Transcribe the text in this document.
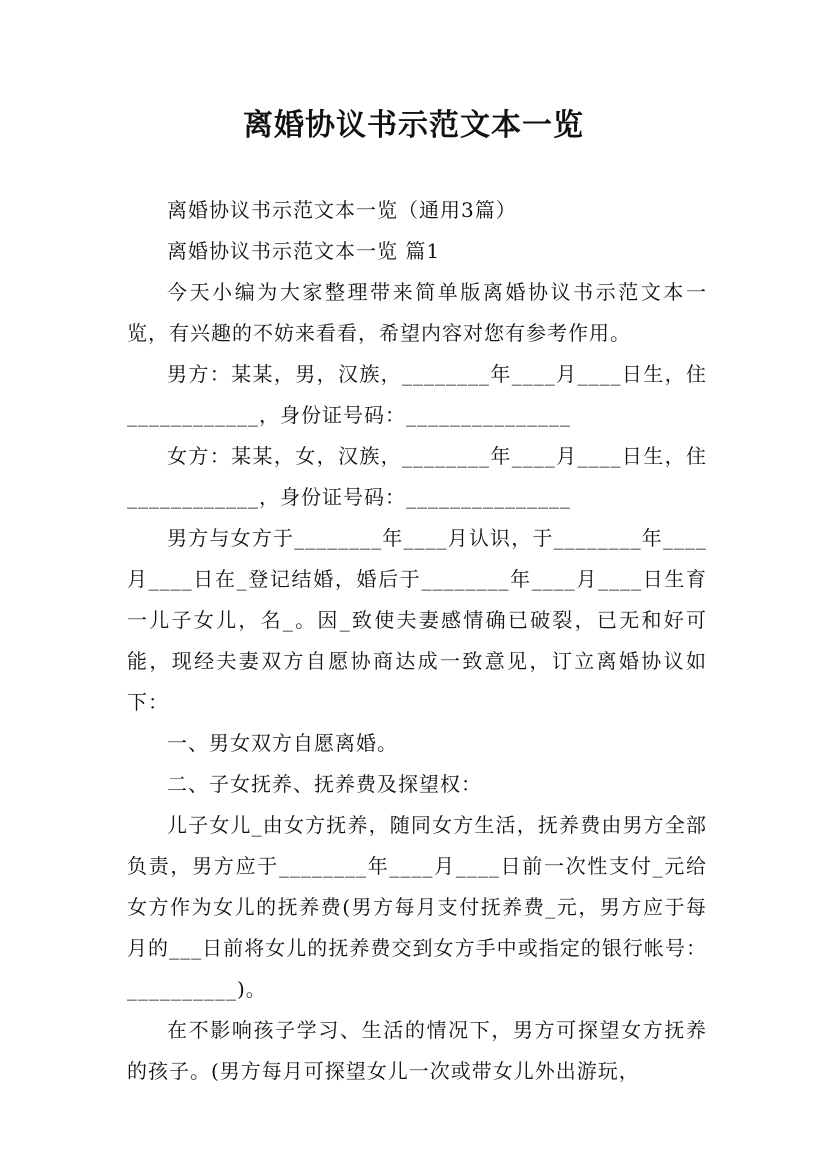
离婚协议书示范文本一览

离婚协议书示范文本一览（通用3篇）

离婚协议书示范文本一览 篇1

今天小编为大家整理带来简单版离婚协议书示范文本一览，有兴趣的不妨来看看，希望内容对您有参考作用。

男方：某某，男，汉族，________年____月____日生，住____________，身份证号码：_______________

女方：某某，女，汉族，________年____月____日生，住____________，身份证号码：_______________

男方与女方于________年____月认识，于________年____月____日在_登记结婚，婚后于________年____月____日生育一儿子女儿，名_。因_致使夫妻感情确已破裂，已无和好可能，现经夫妻双方自愿协商达成一致意见，订立离婚协议如下：

一、男女双方自愿离婚。

二、子女抚养、抚养费及探望权：

儿子女儿_由女方抚养，随同女方生活，抚养费由男方全部负责，男方应于________年____月____日前一次性支付_元给女方作为女儿的抚养费(男方每月支付抚养费_元，男方应于每月的___日前将女儿的抚养费交到女方手中或指定的银行帐号：__________)。

在不影响孩子学习、生活的情况下，男方可探望女方抚养的孩子。(男方每月可探望女儿一次或带女儿外出游玩，
